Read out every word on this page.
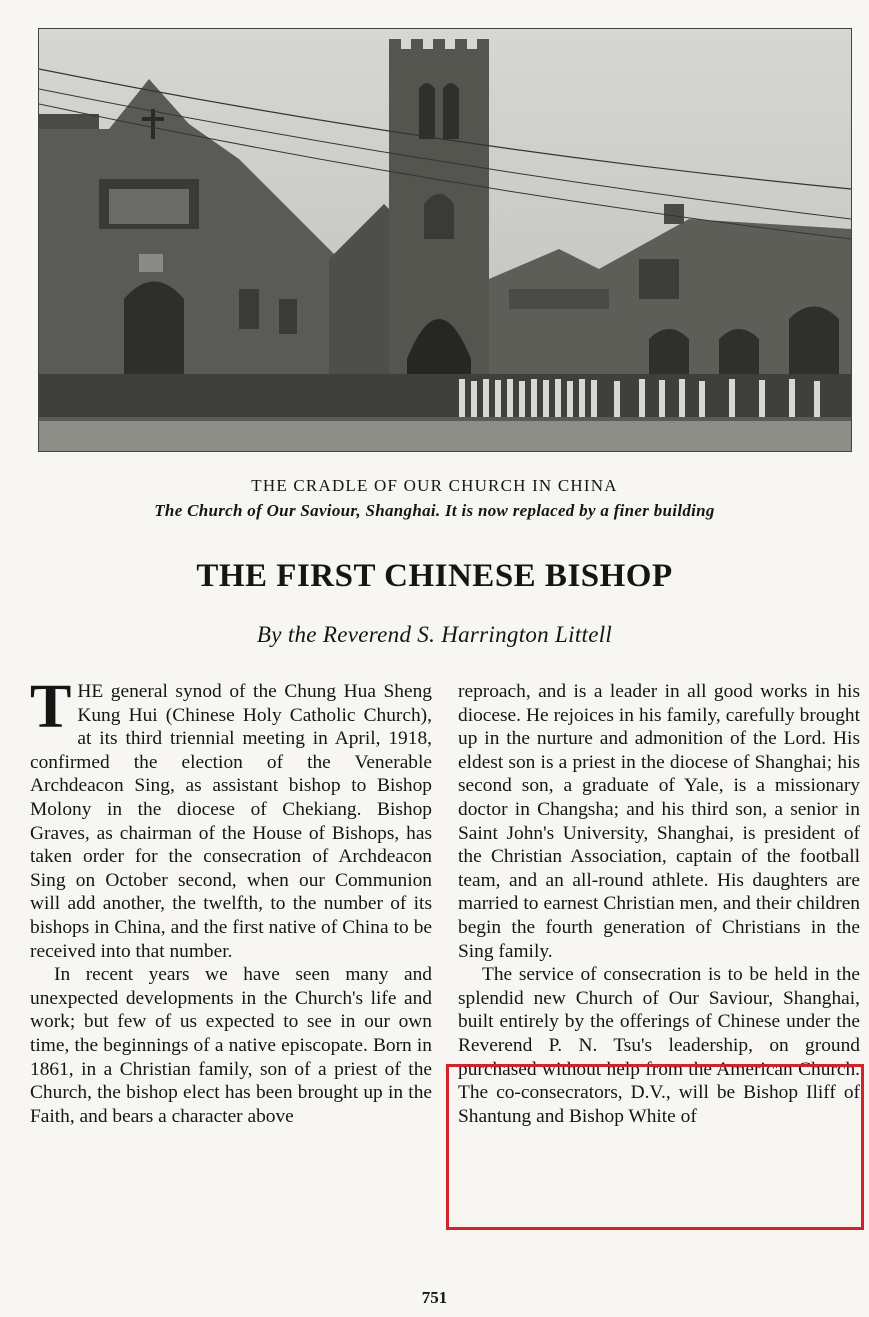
THE CRADLE OF OUR CHURCH IN CHINA
The Church of Our Saviour, Shanghai. It is now replaced by a finer building
THE FIRST CHINESE BISHOP
By the Reverend S. Harrington Littell

THE general synod of the Chung Hua Sheng Kung Hui (Chinese Holy Catholic Church), at its third triennial meeting in April, 1918, confirmed the election of the Venerable Archdeacon Sing, as assistant bishop to Bishop Molony in the diocese of Chekiang. Bishop Graves, as chairman of the House of Bishops, has taken order for the consecration of Archdeacon Sing on October second, when our Communion will add another, the twelfth, to the number of its bishops in China, and the first native of China to be received into that number.

In recent years we have seen many and unexpected developments in the Church's life and work; but few of us expected to see in our own time, the beginnings of a native episcopate. Born in 1861, in a Christian family, son of a priest of the Church, the bishop elect has been brought up in the Faith, and bears a character above

reproach, and is a leader in all good works in his diocese. He rejoices in his family, carefully brought up in the nurture and admonition of the Lord. His eldest son is a priest in the diocese of Shanghai; his second son, a graduate of Yale, is a missionary doctor in Changsha; and his third son, a senior in Saint John's University, Shanghai, is president of the Christian Association, captain of the football team, and an all-round athlete. His daughters are married to earnest Christian men, and their children begin the fourth generation of Christians in the Sing family.

The service of consecration is to be held in the splendid new Church of Our Saviour, Shanghai, built entirely by the offerings of Chinese under the Reverend P. N. Tsu's leadership, on ground purchased without help from the American Church. The co-consecrators, D.V., will be Bishop Iliff of Shantung and Bishop White of

751
